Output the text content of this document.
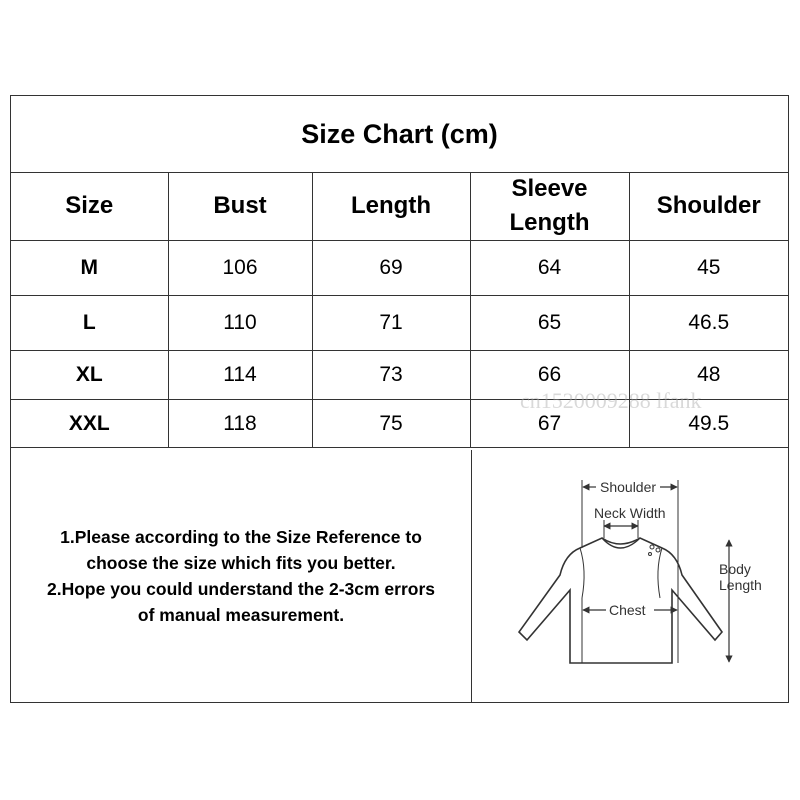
Size Chart (cm)
Size	Bust	Length	Sleeve Length	Shoulder
M	106	69	64	45
L	110	71	65	46.5
XL	114	73	66	48
XXL	118	75	67	49.5

1.Please according to the Size Reference to

choose the size which fits you better.

2.Hope you could understand the 2-3cm errors

of manual measurement.

Shoulder
Neck Width
Chest
Body
Length
cn1520009288 lfank
